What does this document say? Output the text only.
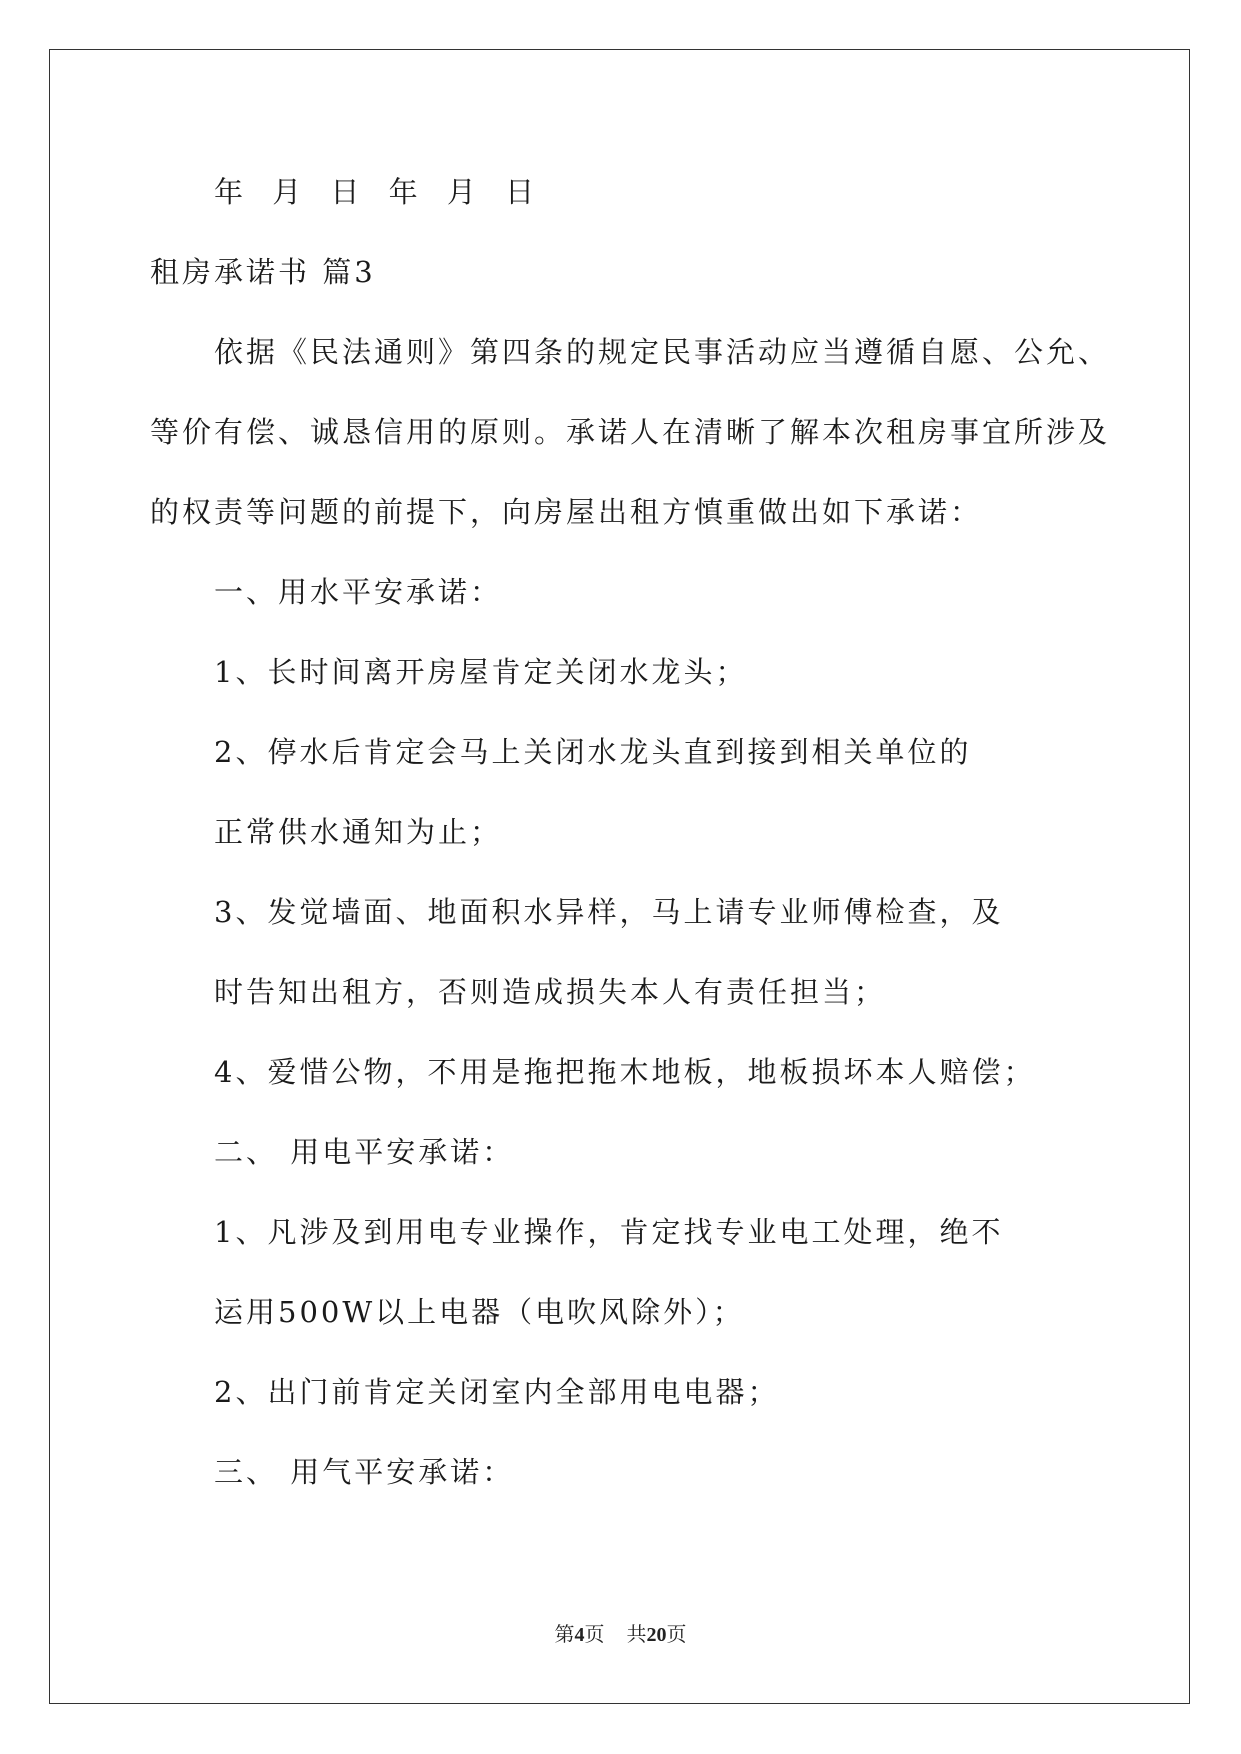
年 月 日 年 月 日
租房承诺书 篇3
依据《民法通则》第四条的规定民事活动应当遵循自愿、公允、
等价有偿、诚恳信用的原则。承诺人在清晰了解本次租房事宜所涉及
的权责等问题的前提下，向房屋出租方慎重做出如下承诺：
一、用水平安承诺：
1、长时间离开房屋肯定关闭水龙头；
2、停水后肯定会马上关闭水龙头直到接到相关单位的
正常供水通知为止；
3、发觉墙面、地面积水异样，马上请专业师傅检查，及
时告知出租方，否则造成损失本人有责任担当；
4、爱惜公物，不用是拖把拖木地板，地板损坏本人赔偿；
二、 用电平安承诺：
1、凡涉及到用电专业操作，肯定找专业电工处理，绝不
运用500W以上电器（电吹风除外）；
2、出门前肯定关闭室内全部用电电器；
三、 用气平安承诺：
第4页 共20页
